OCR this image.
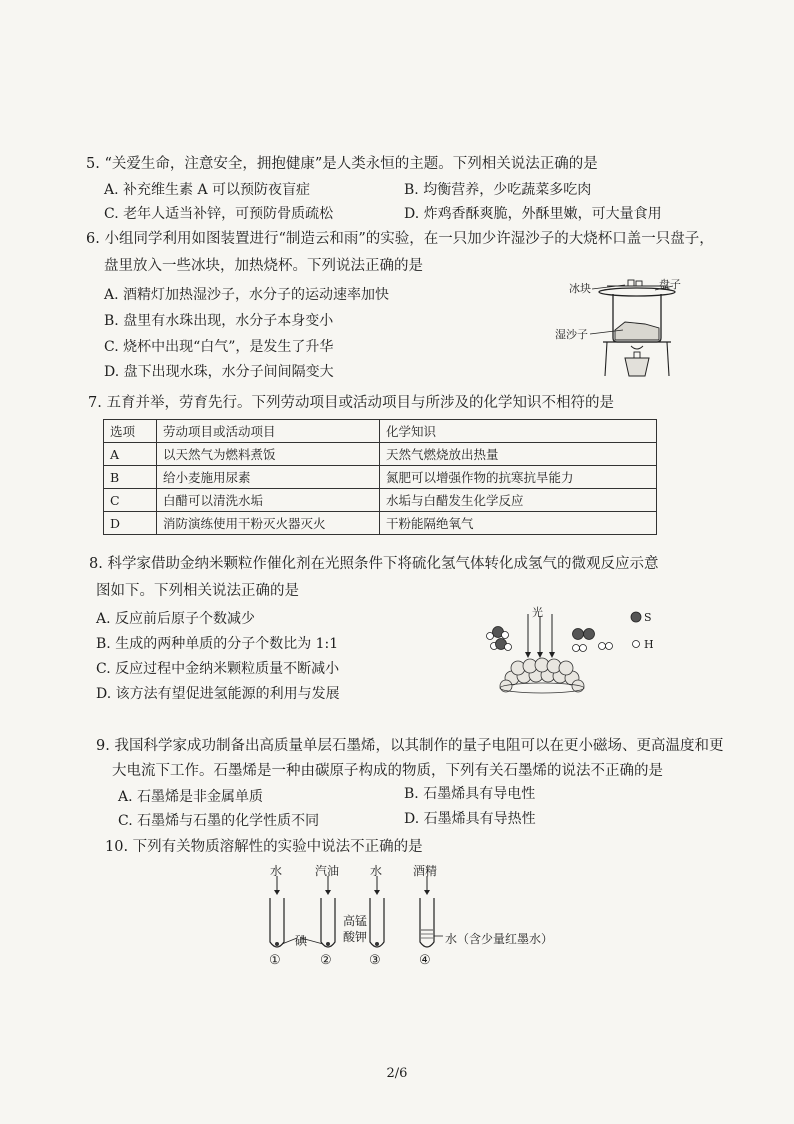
5. “关爱生命，注意安全，拥抱健康”是人类永恒的主题。下列相关说法正确的是
A. 补充维生素 A 可以预防夜盲症	B. 均衡营养，少吃蔬菜多吃肉
C. 老年人适当补锌，可预防骨质疏松	D. 炸鸡香酥爽脆，外酥里嫩，可大量食用
6. 小组同学利用如图装置进行“制造云和雨”的实验，在一只加少许湿沙子的大烧杯口盖一只盘子，
盘里放入一些冰块，加热烧杯。下列说法正确的是
A. 酒精灯加热湿沙子，水分子的运动速率加快
B. 盘里有水珠出现，水分子本身变小
C. 烧杯中出现“白气”，是发生了升华
D. 盘下出现水珠，水分子间间隔变大
冰块	盘子
湿沙子
7. 五育并举，劳育先行。下列劳动项目或活动项目与所涉及的化学知识不相符的是
选项	劳动项目或活动项目	化学知识
A	以天然气为燃料煮饭	天然气燃烧放出热量
B	给小麦施用尿素	氮肥可以增强作物的抗寒抗旱能力
C	白醋可以清洗水垢	水垢与白醋发生化学反应
D	消防演练使用干粉灭火器灭火	干粉能隔绝氧气
8. 科学家借助金纳米颗粒作催化剂在光照条件下将硫化氢气体转化成氢气的微观反应示意
图如下。下列相关说法正确的是
A. 反应前后原子个数减少
B. 生成的两种单质的分子个数比为 1:1
C. 反应过程中金纳米颗粒质量不断减小
D. 该方法有望促进氢能源的利用与发展
光	S
H
9. 我国科学家成功制备出高质量单层石墨烯，以其制作的量子电阻可以在更小磁场、更高温度和更
大电流下工作。石墨烯是一种由碳原子构成的物质，下列有关石墨烯的说法不正确的是
A. 石墨烯是非金属单质	B. 石墨烯具有导电性
C. 石墨烯与石墨的化学性质不同	D. 石墨烯具有导热性
10. 下列有关物质溶解性的实验中说法不正确的是
水	汽油	水	酒精
碘
高锰
酸钾	水（含少量红墨水）
①	②	③	④
2/6
